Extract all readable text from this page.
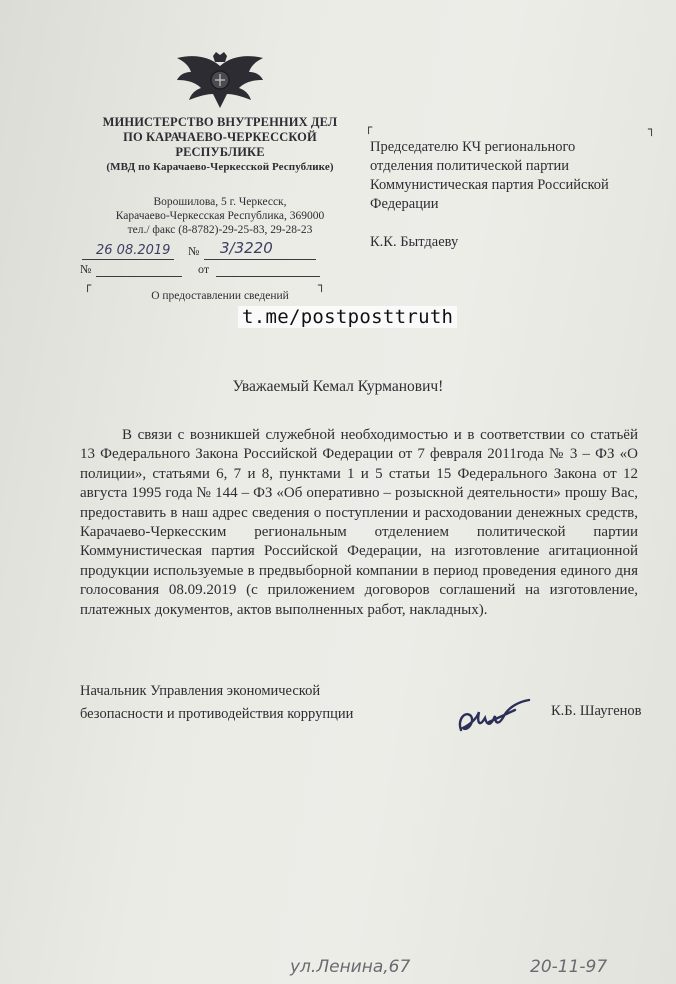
МИНИСТЕРСТВО ВНУТРЕННИХ ДЕЛ
ПО КАРАЧАЕВО-ЧЕРКЕССКОЙ
РЕСПУБЛИКЕ
(МВД по Карачаево-Черкесской Республике)
Ворошилова, 5 г. Черкесск,
Карачаево-Черкесская Республика, 369000
тел./ факс (8-8782)-29-25-83, 29-28-23
26 08.2019 № 3/3220
№	от
┌	┐
О предоставлении сведений
┌	┐
Председателю КЧ регионального
отделения политической партии
Коммунистическая партия Российской
Федерации
К.К. Бытдаеву
t.me/postposttruth
Уважаемый Кемал Курманович!
В связи с возникшей служебной необходимостью и в соответствии со статьёй 13 Федерального Закона Российской Федерации от 7 февраля 2011года № 3 – ФЗ «О полиции», статьями 6, 7 и 8, пунктами 1 и 5 статьи 15 Федерального Закона от 12 августа 1995 года № 144 – ФЗ «Об оперативно – розыскной деятельности» прошу Вас, предоставить в наш адрес сведения о поступлении и расходовании денежных средств, Карачаево-Черкесским региональным отделением политической партии Коммунистическая партия Российской Федерации, на изготовление агитационной продукции используемые в предвыборной компании в период проведения единого дня голосования 08.09.2019 (с приложением договоров соглашений на изготовление, платежных документов, актов выполненных работ, накладных).
Начальник Управления экономической
безопасности и противодействия коррупции	К.Б. Шаугенов
ул.Ленина,67	20-11-97
